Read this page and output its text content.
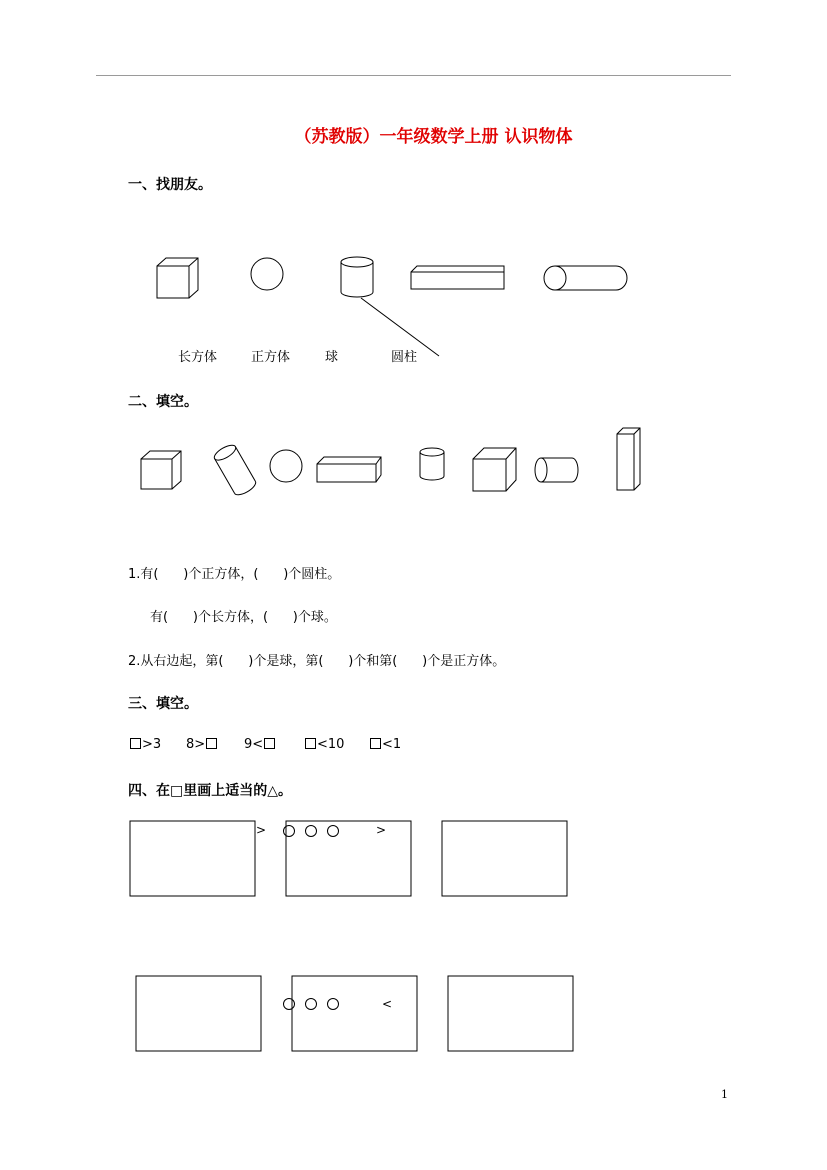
（苏教版）一年级数学上册 认识物体
一、找朋友。
长方体	正方体	球	圆柱
二、填空。
1.有(      )个正方体，(      )个圆柱。
有(      )个长方体，(      )个球。
2.从右边起，第(      )个是球，第(      )个和第(      )个是正方体。
三、填空。
>3 8>	9<	<10	<1
四、在□里画上适当的△。
>	>
<
1
